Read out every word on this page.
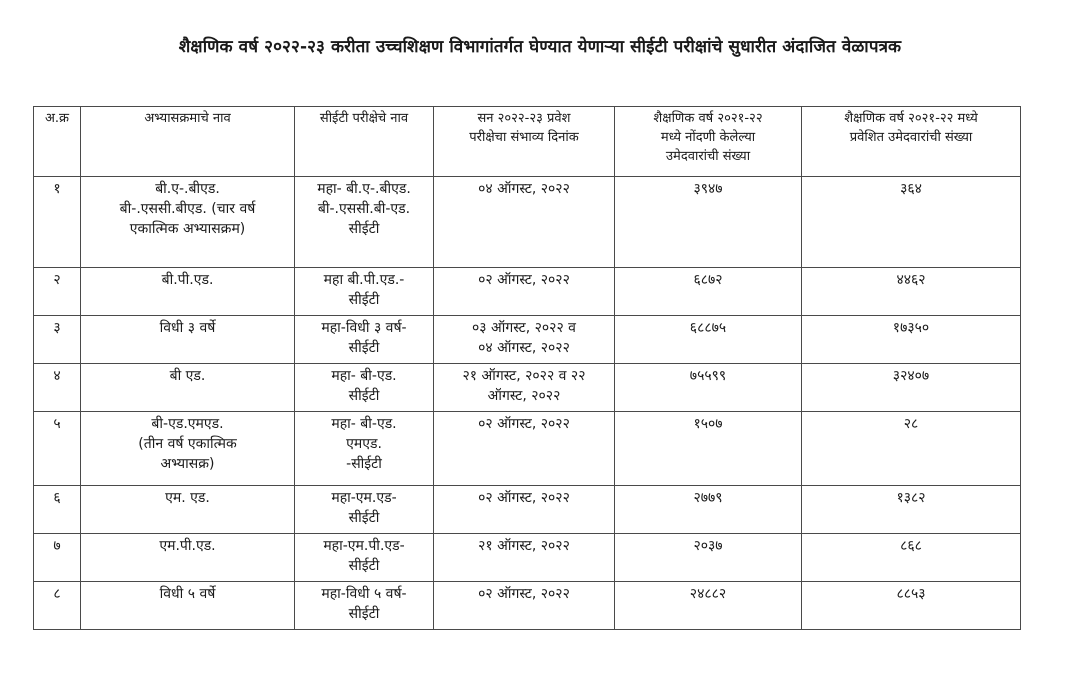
शैक्षणिक वर्ष २०२२-२३ करीता उच्चशिक्षण विभागांतर्गत घेण्यात येणाऱ्या सीईटी परीक्षांचे सुधारीत अंदाजित वेळापत्रक
अ.क्र	अभ्यासक्रमाचे नाव	सीईटी परीक्षेचे नाव	सन २०२२-२३ प्रवेश
परीक्षेचा संभाव्य दिनांक	शैक्षणिक वर्ष २०२१-२२
मध्ये नोंदणी केलेल्या
उमेदवारांची संख्या	शैक्षणिक वर्ष २०२१-२२ मध्ये
प्रवेशित उमेदवारांची संख्या

१	बी.ए-.बीएड.
बी-.एससी.बीएड. (चार वर्ष
एकात्मिक अभ्यासक्रम)	महा- बी.ए-.बीएड.
बी-.एससी.बी-एड.
सीईटी	०४ ऑगस्ट, २०२२	३९४७	३६४
२	बी.पी.एड.	महा बी.पी.एड.-
सीईटी	०२ ऑगस्ट, २०२२	६८७२	४४६२
३	विधी ३ वर्षे	महा-विधी ३ वर्ष-
सीईटी	०३ ऑगस्ट, २०२२ व
०४ ऑगस्ट, २०२२	६८८७५	१७३५०
४	बी एड.	महा- बी-एड.
सीईटी	२१ ऑगस्ट, २०२२ व २२
ऑगस्ट, २०२२	७५५९९	३२४०७
५	बी-एड.एमएड.
(तीन वर्ष एकात्मिक
अभ्यासक्र)	महा- बी-एड.
एमएड.
-सीईटी	०२ ऑगस्ट, २०२२	१५०७	२८
६	एम. एड.	महा-एम.एड-
सीईटी	०२ ऑगस्ट, २०२२	२७७९	१३८२
७	एम.पी.एड.	महा-एम.पी.एड-
सीईटी	२१ ऑगस्ट, २०२२	२०३७	८६८
८	विधी ५ वर्षे	महा-विधी ५ वर्ष-
सीईटी	०२ ऑगस्ट, २०२२	२४८८२	८८५३
